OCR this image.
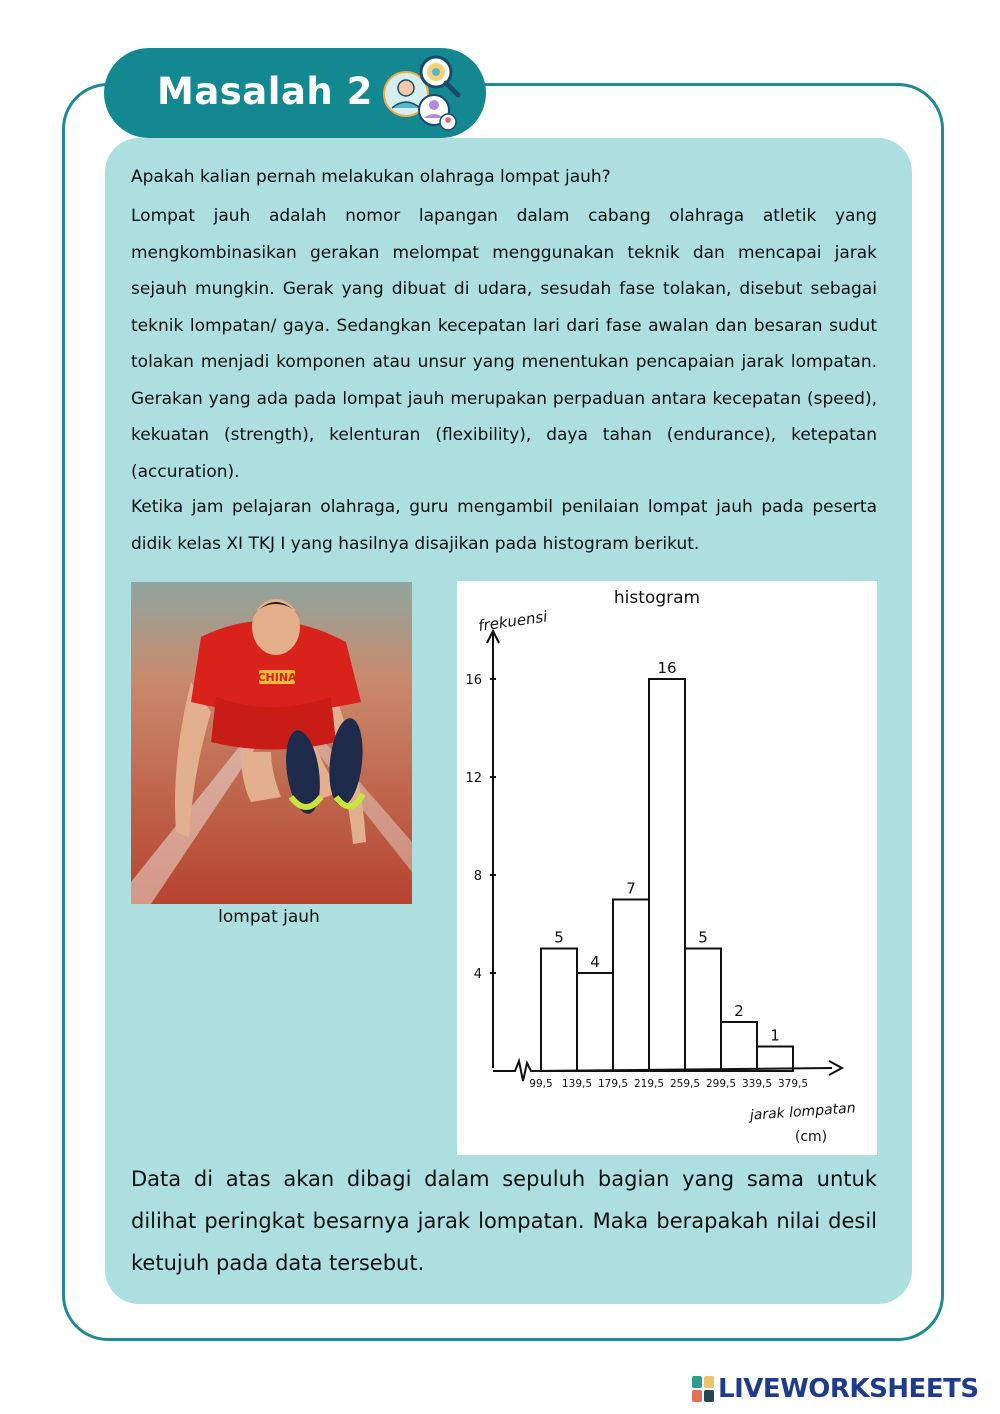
Masalah 2
Apakah kalian pernah melakukan olahraga lompat jauh?
Lompat jauh adalah nomor lapangan dalam cabang olahraga atletik yang mengkombinasikan gerakan melompat menggunakan teknik dan mencapai jarak sejauh mungkin. Gerak yang dibuat di udara, sesudah fase tolakan, disebut sebagai teknik lompatan/ gaya. Sedangkan kecepatan lari dari fase awalan dan besaran sudut tolakan menjadi komponen atau unsur yang menentukan pencapaian jarak lompatan. Gerakan yang ada pada lompat jauh merupakan perpaduan antara kecepatan (speed), kekuatan (strength), kelenturan (flexibility), daya tahan (endurance), ketepatan (accuration).
Ketika jam pelajaran olahraga, guru mengambil penilaian lompat jauh pada peserta didik kelas XI TKJ I yang hasilnya disajikan pada histogram berikut.
CHINA
lompat jauh
histogram
frekuensi
4
8
12
16
5
4
7
16
5
2
1
99,5 139,5 179,5 219,5 259,5 299,5 339,5 379,5
jarak lompatan
(cm)
Data di atas akan dibagi dalam sepuluh bagian yang sama untuk dilihat peringkat besarnya jarak lompatan. Maka berapakah nilai desil ketujuh pada data tersebut.
LIVEWORKSHEETS
